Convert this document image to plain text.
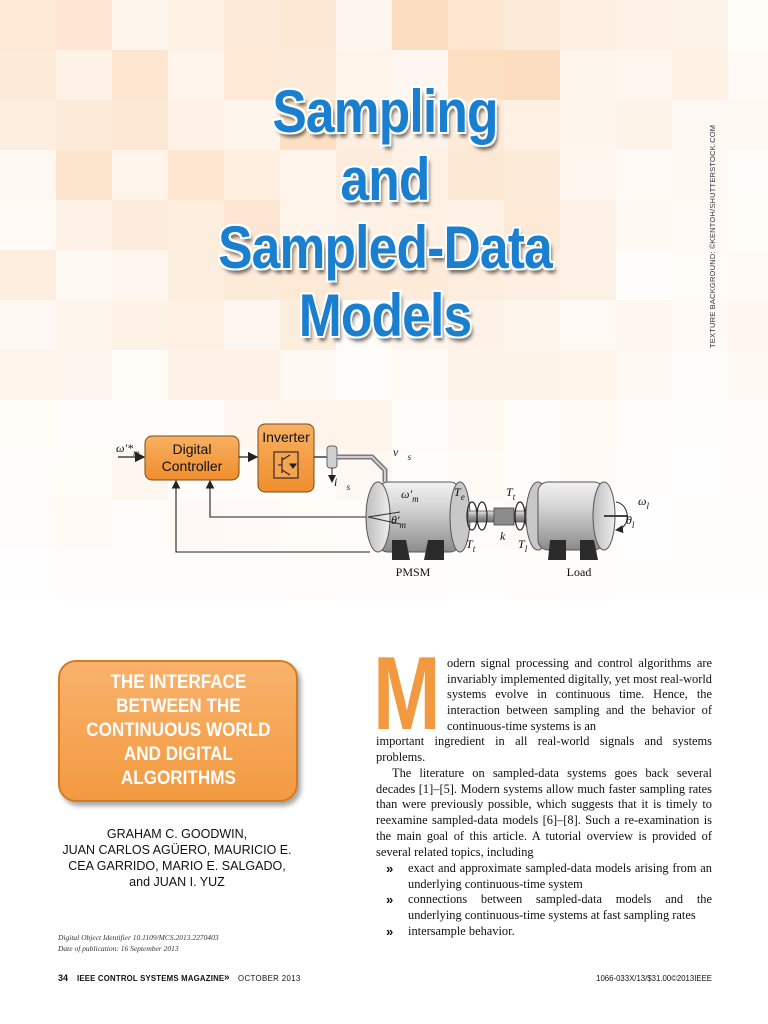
Sampling
and
Sampled-Data
Models	TEXTURE BACKGROUND: ©KENTOH/SHUTTERSTOCK.COM
$\omega'*_m$ Digital
Controller
Inverter
$v⃗_s$
$i⃗_s$	$\omega'_m$
$\theta'_m$
PMSM
$T_e$
$T_t$
k
$T_t$
$T_l$
$\omega_l$
$\theta_l$
Load
THE INTERFACE
BETWEEN THE
CONTINUOUS WORLD
AND DIGITAL
ALGORITHMS
GRAHAM C. GOODWIN,
JUAN CARLOS AGÜERO, MAURICIO E.
CEA GARRIDO, MARIO E. SALGADO,
and JUAN I. YUZ
Digital Object Identifier 10.1109/MCS.2013.2270403
Date of publication: 16 September 2013
M odern signal processing and control algorithms are invariably implemented digitally, yet most real-world systems evolve in continuous time. Hence, the interaction between sampling and the behavior of continuous-time systems is an
important ingredient in all real-world signals and systems problems.
The literature on sampled-data systems goes back several decades [1]–[5]. Modern systems allow much faster sampling rates than were previously possible, which suggests that it is timely to reexamine sampled-data models [6]–[8]. Such a re-examination is the main goal of this article. A tutorial overview is provided of several related topics, including
» exact and approximate sampled-data models arising from an underlying continuous-time system
» connections between sampled-data models and the underlying continuous-time systems at fast sampling rates
» intersample behavior.
34 IEEE CONTROL SYSTEMS MAGAZINE » OCTOBER 2013	1066-033X/13/$31.00©2013IEEE
